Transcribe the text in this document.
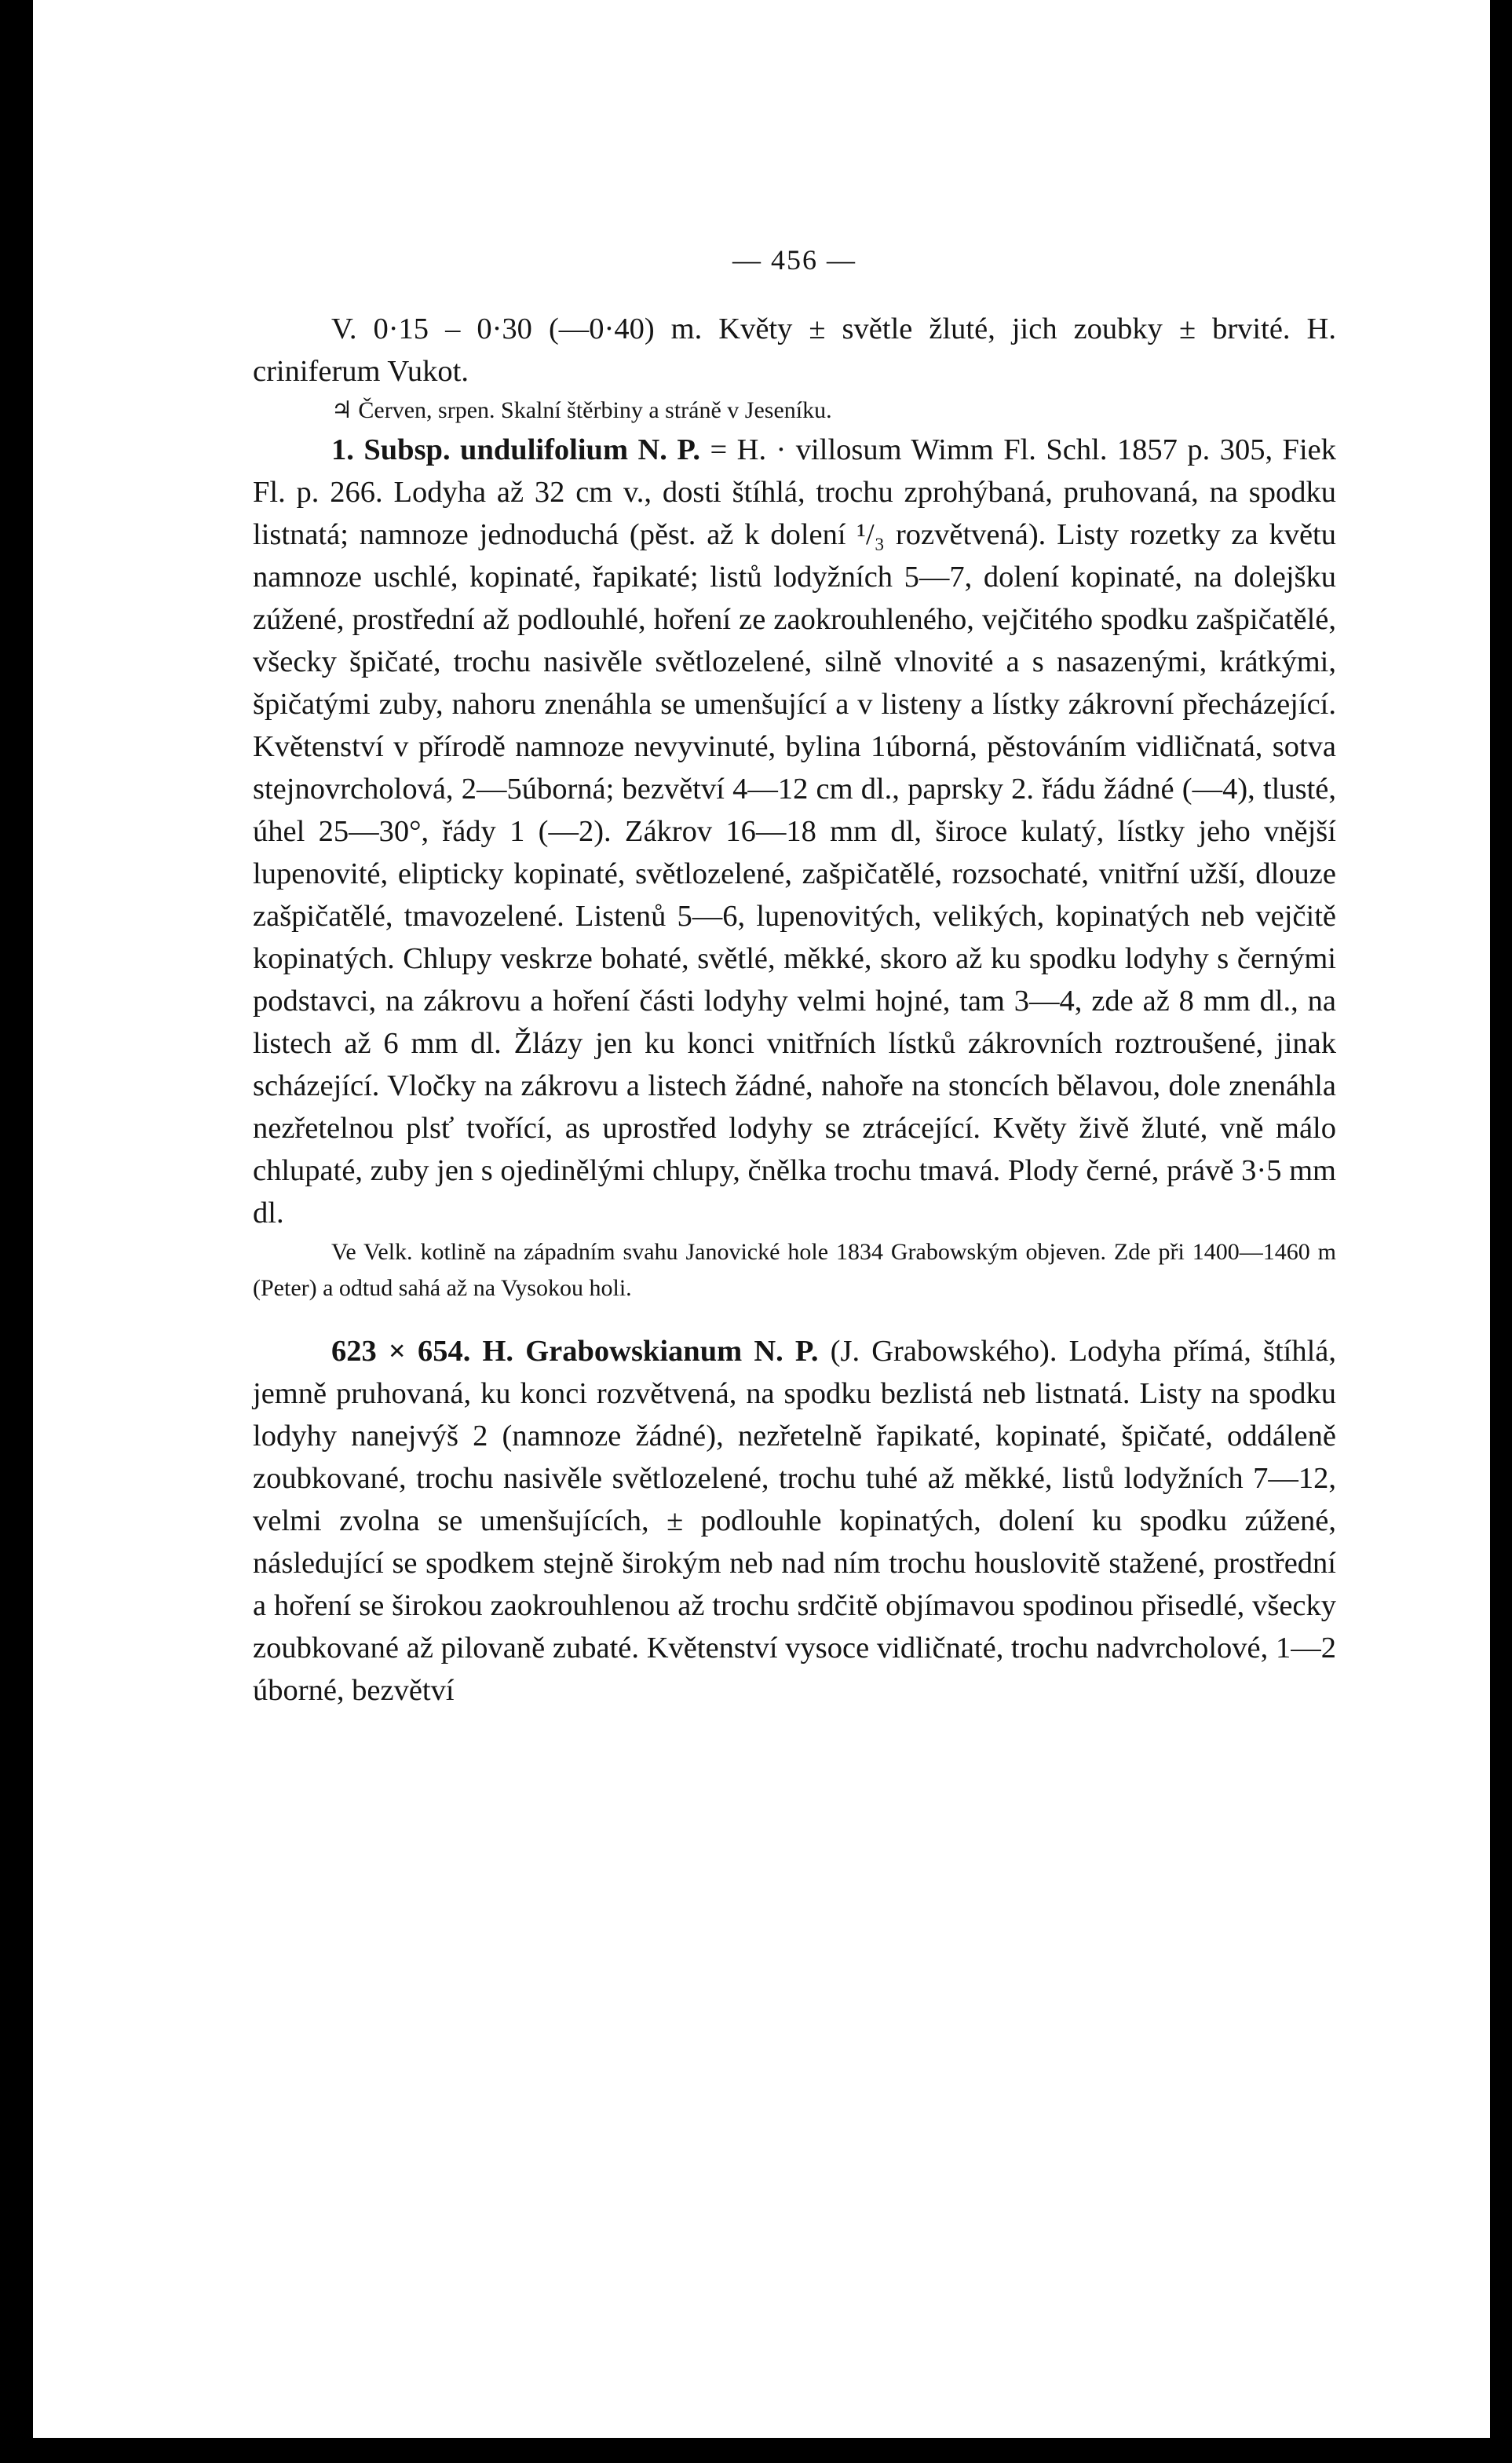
— 456 —

V. 0·15 – 0·30 (—0·40) m. Květy ± světle žluté, jich zoubky ± brvité. H. criniferum Vukot.

♃ Červen, srpen. Skalní štěrbiny a stráně v Jeseníku.

1. Subsp. undulifolium N. P. = H. · villosum Wimm Fl. Schl. 1857 p. 305, Fiek Fl. p. 266. Lodyha až 32 cm v., dosti štíhlá, trochu zprohýbaná, pruhovaná, na spodku listnatá; namnoze jednoduchá (pěst. až k dolení ¹/₃ rozvětvená). Listy rozetky za květu namnoze uschlé, kopinaté, řapikaté; listů lodyžních 5—7, dolení kopinaté, na dolejšku zúžené, prostřední až podlouhlé, hoření ze zaokrouhleného, vejčitého spodku zašpičatělé, všecky špičaté, trochu nasivěle světlozelené, silně vlnovité a s nasazenými, krátkými, špičatými zuby, nahoru znenáhla se umenšující a v listeny a lístky zákrovní přecházející. Květenství v přírodě namnoze nevyvinuté, bylina 1úborná, pěstováním vidličnatá, sotva stejnovrcholová, 2—5úborná; bezvětví 4—12 cm dl., paprsky 2. řádu žádné (—4), tlusté, úhel 25—30°, řády 1 (—2). Zákrov 16—18 mm dl, široce kulatý, lístky jeho vnější lupenovité, elipticky kopinaté, světlozelené, zašpičatělé, rozsochaté, vnitřní užší, dlouze zašpičatělé, tmavozelené. Listenů 5—6, lupenovitých, velikých, kopinatých neb vejčitě kopinatých. Chlupy veskrze bohaté, světlé, měkké, skoro až ku spodku lodyhy s černými podstavci, na zákrovu a hoření části lodyhy velmi hojné, tam 3—4, zde až 8 mm dl., na listech až 6 mm dl. Žlázy jen ku konci vnitřních lístků zákrovních roztroušené, jinak scházející. Vločky na zákrovu a listech žádné, nahoře na stoncích bělavou, dole znenáhla nezřetelnou plsť tvořící, as uprostřed lodyhy se ztrácející. Květy živě žluté, vně málo chlupaté, zuby jen s ojedinělými chlupy, čnělka trochu tmavá. Plody černé, právě 3·5 mm dl.

Ve Velk. kotlině na západním svahu Janovické hole 1834 Grabowským objeven. Zde při 1400—1460 m (Peter) a odtud sahá až na Vysokou holi.

623 × 654. H. Grabowskianum N. P. (J. Grabowského). Lodyha přímá, štíhlá, jemně pruhovaná, ku konci rozvětvená, na spodku bezlistá neb listnatá. Listy na spodku lodyhy nanejvýš 2 (namnoze žádné), nezřetelně řapikaté, kopinaté, špičaté, oddáleně zoubkované, trochu nasivěle světlozelené, trochu tuhé až měkké, listů lodyžních 7—12, velmi zvolna se umenšujících, ± podlouhle kopinatých, dolení ku spodku zúžené, následující se spodkem stejně širokým neb nad ním trochu houslovitě stažené, prostřední a hoření se širokou zaokrouhlenou až trochu srdčitě objímavou spodinou přisedlé, všecky zoubkované až pilovaně zubaté. Květenství vysoce vidličnaté, trochu nadvrcholové, 1—2 úborné, bezvětví
